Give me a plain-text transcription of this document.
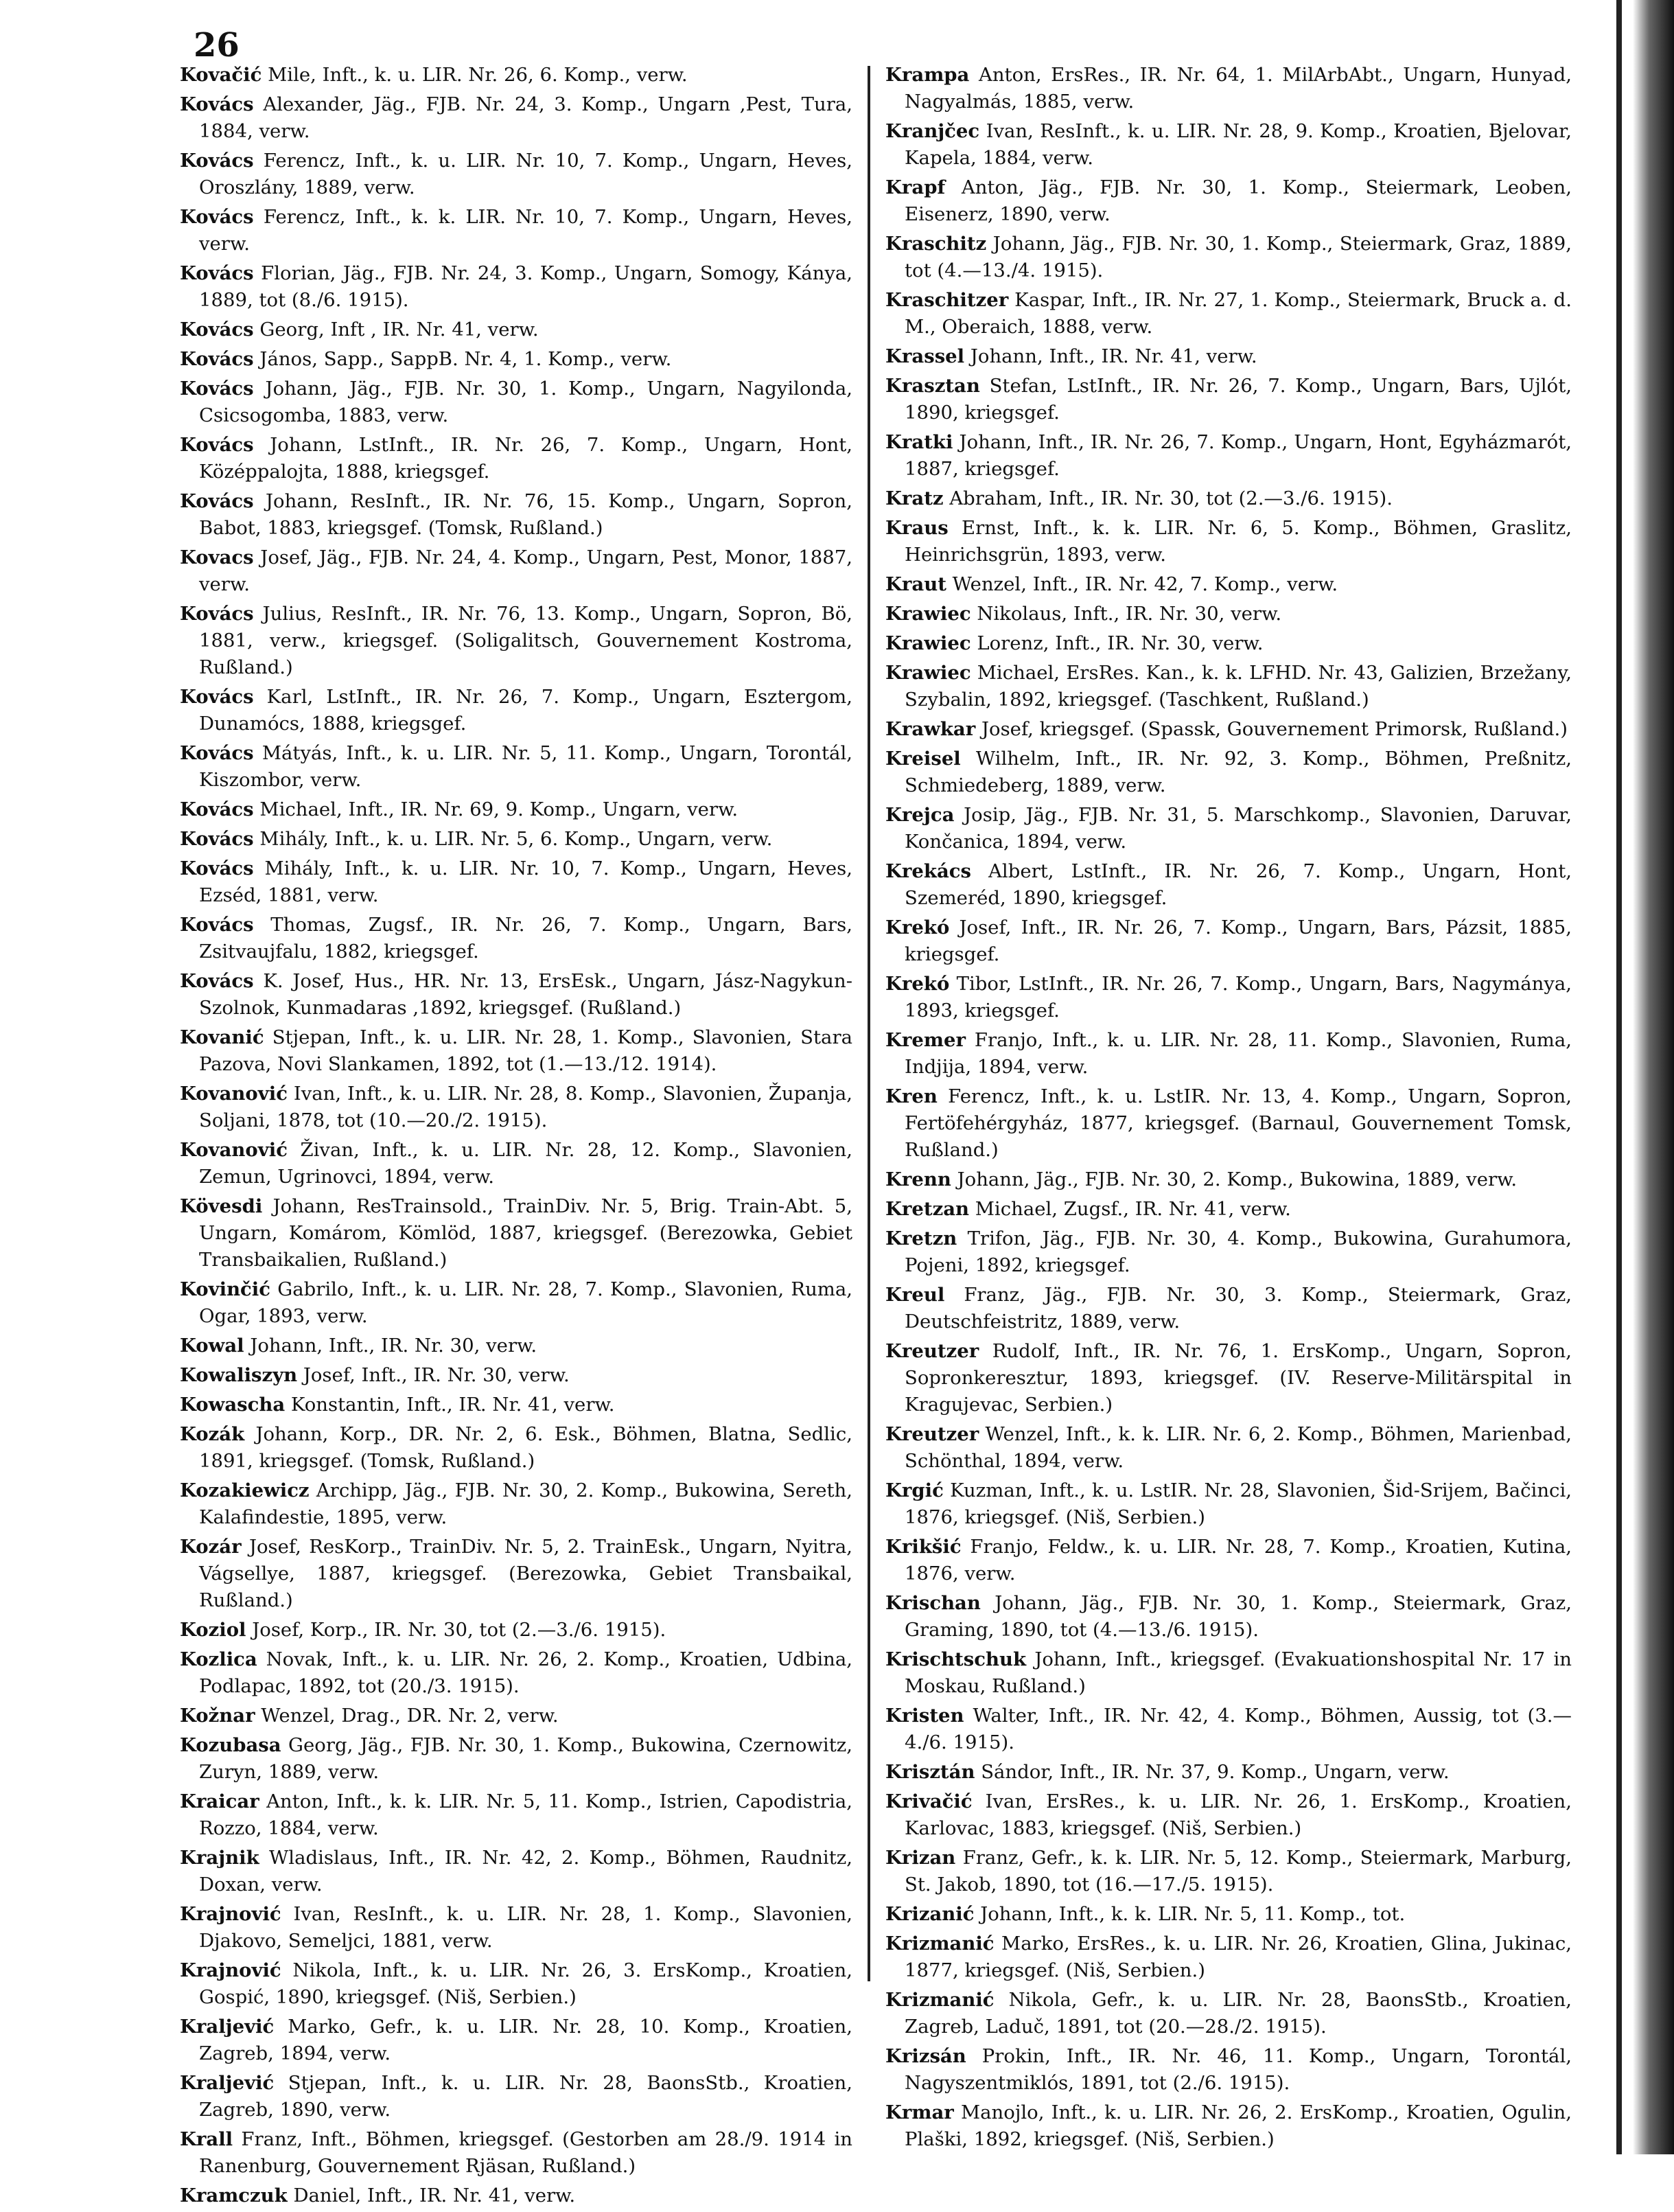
26
Kovačić Mile, Inft., k. u. LIR. Nr. 26, 6. Komp., verw.
Kovács Alexander, Jäg., FJB. Nr. 24, 3. Komp., Ungarn ,Pest, Tura, 1884, verw.
Kovács Ferencz, Inft., k. u. LIR. Nr. 10, 7. Komp., Ungarn, Heves, Oroszlány, 1889, verw.
Kovács Ferencz, Inft., k. k. LIR. Nr. 10, 7. Komp., Ungarn, Heves, verw.
Kovács Florian, Jäg., FJB. Nr. 24, 3. Komp., Ungarn, Somogy, Kánya, 1889, tot (8./6. 1915).
Kovács Georg, Inft , IR. Nr. 41, verw.
Kovács János, Sapp., SappB. Nr. 4, 1. Komp., verw.
Kovács Johann, Jäg., FJB. Nr. 30, 1. Komp., Ungarn, Nagyilonda, Csicsogomba, 1883, verw.
Kovács Johann, LstInft., IR. Nr. 26, 7. Komp., Ungarn, Hont, Középpalojta, 1888, kriegsgef.
Kovács Johann, ResInft., IR. Nr. 76, 15. Komp., Ungarn, Sopron, Babot, 1883, kriegsgef. (Tomsk, Rußland.)
Kovacs Josef, Jäg., FJB. Nr. 24, 4. Komp., Ungarn, Pest, Monor, 1887, verw.
Kovács Julius, ResInft., IR. Nr. 76, 13. Komp., Ungarn, Sopron, Bö, 1881, verw., kriegsgef. (Soligalitsch, Gouvernement Kostroma, Rußland.)
Kovács Karl, LstInft., IR. Nr. 26, 7. Komp., Ungarn, Esztergom, Dunamócs, 1888, kriegsgef.
Kovács Mátyás, Inft., k. u. LIR. Nr. 5, 11. Komp., Ungarn, Torontál, Kiszombor, verw.
Kovács Michael, Inft., IR. Nr. 69, 9. Komp., Ungarn, verw.
Kovács Mihály, Inft., k. u. LIR. Nr. 5, 6. Komp., Ungarn, verw.
Kovács Mihály, Inft., k. u. LIR. Nr. 10, 7. Komp., Ungarn, Heves, Ezséd, 1881, verw.
Kovács Thomas, Zugsf., IR. Nr. 26, 7. Komp., Ungarn, Bars, Zsitvaujfalu, 1882, kriegsgef.
Kovács K. Josef, Hus., HR. Nr. 13, ErsEsk., Ungarn, Jász-Nagykun-Szolnok, Kunmadaras ,1892, kriegsgef. (Rußland.)
Kovanić Stjepan, Inft., k. u. LIR. Nr. 28, 1. Komp., Slavonien, Stara Pazova, Novi Slankamen, 1892, tot (1.—13./12. 1914).
Kovanović Ivan, Inft., k. u. LIR. Nr. 28, 8. Komp., Slavonien, Županja, Soljani, 1878, tot (10.—20./2. 1915).
Kovanović Živan, Inft., k. u. LIR. Nr. 28, 12. Komp., Slavonien, Zemun, Ugrinovci, 1894, verw.
Kövesdi Johann, ResTrainsold., TrainDiv. Nr. 5, Brig. Train-Abt. 5, Ungarn, Komárom, Kömlöd, 1887, kriegsgef. (Berezowka, Gebiet Transbaikalien, Rußland.)
Kovinčić Gabrilo, Inft., k. u. LIR. Nr. 28, 7. Komp., Slavonien, Ruma, Ogar, 1893, verw.
Kowal Johann, Inft., IR. Nr. 30, verw.
Kowaliszyn Josef, Inft., IR. Nr. 30, verw.
Kowascha Konstantin, Inft., IR. Nr. 41, verw.
Kozák Johann, Korp., DR. Nr. 2, 6. Esk., Böhmen, Blatna, Sedlic, 1891, kriegsgef. (Tomsk, Rußland.)
Kozakiewicz Archipp, Jäg., FJB. Nr. 30, 2. Komp., Bukowina, Sereth, Kalafindestie, 1895, verw.
Kozár Josef, ResKorp., TrainDiv. Nr. 5, 2. TrainEsk., Ungarn, Nyitra, Vágsellye, 1887, kriegsgef. (Berezowka, Gebiet Transbaikal, Rußland.)
Koziol Josef, Korp., IR. Nr. 30, tot (2.—3./6. 1915).
Kozlica Novak, Inft., k. u. LIR. Nr. 26, 2. Komp., Kroatien, Udbina, Podlapac, 1892, tot (20./3. 1915).
Kožnar Wenzel, Drag., DR. Nr. 2, verw.
Kozubasa Georg, Jäg., FJB. Nr. 30, 1. Komp., Bukowina, Czernowitz, Zuryn, 1889, verw.
Kraicar Anton, Inft., k. k. LIR. Nr. 5, 11. Komp., Istrien, Capodistria, Rozzo, 1884, verw.
Krajnik Wladislaus, Inft., IR. Nr. 42, 2. Komp., Böhmen, Raudnitz, Doxan, verw.
Krajnović Ivan, ResInft., k. u. LIR. Nr. 28, 1. Komp., Slavonien, Djakovo, Semeljci, 1881, verw.
Krajnović Nikola, Inft., k. u. LIR. Nr. 26, 3. ErsKomp., Kroatien, Gospić, 1890, kriegsgef. (Niš, Serbien.)
Kraljević Marko, Gefr., k. u. LIR. Nr. 28, 10. Komp., Kroatien, Zagreb, 1894, verw.
Kraljević Stjepan, Inft., k. u. LIR. Nr. 28, BaonsStb., Kroatien, Zagreb, 1890, verw.
Krall Franz, Inft., Böhmen, kriegsgef. (Gestorben am 28./9. 1914 in Ranenburg, Gouvernement Rjäsan, Rußland.)
Kramczuk Daniel, Inft., IR. Nr. 41, verw.
Krampa Anton, ErsRes., IR. Nr. 64, 1. MilArbAbt., Ungarn, Hunyad, Nagyalmás, 1885, verw.
Kranjčec Ivan, ResInft., k. u. LIR. Nr. 28, 9. Komp., Kroatien, Bjelovar, Kapela, 1884, verw.
Krapf Anton, Jäg., FJB. Nr. 30, 1. Komp., Steiermark, Leoben, Eisenerz, 1890, verw.
Kraschitz Johann, Jäg., FJB. Nr. 30, 1. Komp., Steiermark, Graz, 1889, tot (4.—13./4. 1915).
Kraschitzer Kaspar, Inft., IR. Nr. 27, 1. Komp., Steiermark, Bruck a. d. M., Oberaich, 1888, verw.
Krassel Johann, Inft., IR. Nr. 41, verw.
Krasztan Stefan, LstInft., IR. Nr. 26, 7. Komp., Ungarn, Bars, Ujlót, 1890, kriegsgef.
Kratki Johann, Inft., IR. Nr. 26, 7. Komp., Ungarn, Hont, Egyházmarót, 1887, kriegsgef.
Kratz Abraham, Inft., IR. Nr. 30, tot (2.—3./6. 1915).
Kraus Ernst, Inft., k. k. LIR. Nr. 6, 5. Komp., Böhmen, Graslitz, Heinrichsgrün, 1893, verw.
Kraut Wenzel, Inft., IR. Nr. 42, 7. Komp., verw.
Krawiec Nikolaus, Inft., IR. Nr. 30, verw.
Krawiec Lorenz, Inft., IR. Nr. 30, verw.
Krawiec Michael, ErsRes. Kan., k. k. LFHD. Nr. 43, Galizien, Brzežany, Szybalin, 1892, kriegsgef. (Taschkent, Rußland.)
Krawkar Josef, kriegsgef. (Spassk, Gouvernement Primorsk, Rußland.)
Kreisel Wilhelm, Inft., IR. Nr. 92, 3. Komp., Böhmen, Preßnitz, Schmiedeberg, 1889, verw.
Krejca Josip, Jäg., FJB. Nr. 31, 5. Marschkomp., Slavonien, Daruvar, Končanica, 1894, verw.
Krekács Albert, LstInft., IR. Nr. 26, 7. Komp., Ungarn, Hont, Szemeréd, 1890, kriegsgef.
Krekó Josef, Inft., IR. Nr. 26, 7. Komp., Ungarn, Bars, Pázsit, 1885, kriegsgef.
Krekó Tibor, LstInft., IR. Nr. 26, 7. Komp., Ungarn, Bars, Nagymánya, 1893, kriegsgef.
Kremer Franjo, Inft., k. u. LIR. Nr. 28, 11. Komp., Slavonien, Ruma, Indjija, 1894, verw.
Kren Ferencz, Inft., k. u. LstIR. Nr. 13, 4. Komp., Ungarn, Sopron, Fertöfehérgyház, 1877, kriegsgef. (Barnaul, Gouvernement Tomsk, Rußland.)
Krenn Johann, Jäg., FJB. Nr. 30, 2. Komp., Bukowina, 1889, verw.
Kretzan Michael, Zugsf., IR. Nr. 41, verw.
Kretzn Trifon, Jäg., FJB. Nr. 30, 4. Komp., Bukowina, Gurahumora, Pojeni, 1892, kriegsgef.
Kreul Franz, Jäg., FJB. Nr. 30, 3. Komp., Steiermark, Graz, Deutschfeistritz, 1889, verw.
Kreutzer Rudolf, Inft., IR. Nr. 76, 1. ErsKomp., Ungarn, Sopron, Sopronkeresztur, 1893, kriegsgef. (IV. Reserve-Militärspital in Kragujevac, Serbien.)
Kreutzer Wenzel, Inft., k. k. LIR. Nr. 6, 2. Komp., Böhmen, Marienbad, Schönthal, 1894, verw.
Krgić Kuzman, Inft., k. u. LstIR. Nr. 28, Slavonien, Šid-Srijem, Bačinci, 1876, kriegsgef. (Niš, Serbien.)
Krikšić Franjo, Feldw., k. u. LIR. Nr. 28, 7. Komp., Kroatien, Kutina, 1876, verw.
Krischan Johann, Jäg., FJB. Nr. 30, 1. Komp., Steiermark, Graz, Graming, 1890, tot (4.—13./6. 1915).
Krischtschuk Johann, Inft., kriegsgef. (Evakuationshospital Nr. 17 in Moskau, Rußland.)
Kristen Walter, Inft., IR. Nr. 42, 4. Komp., Böhmen, Aussig, tot (3.—4./6. 1915).
Krisztán Sándor, Inft., IR. Nr. 37, 9. Komp., Ungarn, verw.
Krivačić Ivan, ErsRes., k. u. LIR. Nr. 26, 1. ErsKomp., Kroatien, Karlovac, 1883, kriegsgef. (Niš, Serbien.)
Krizan Franz, Gefr., k. k. LIR. Nr. 5, 12. Komp., Steiermark, Marburg, St. Jakob, 1890, tot (16.—17./5. 1915).
Krizanić Johann, Inft., k. k. LIR. Nr. 5, 11. Komp., tot.
Krizmanić Marko, ErsRes., k. u. LIR. Nr. 26, Kroatien, Glina, Jukinac, 1877, kriegsgef. (Niš, Serbien.)
Krizmanić Nikola, Gefr., k. u. LIR. Nr. 28, BaonsStb., Kroatien, Zagreb, Laduč, 1891, tot (20.—28./2. 1915).
Krizsán Prokin, Inft., IR. Nr. 46, 11. Komp., Ungarn, Torontál, Nagyszentmiklós, 1891, tot (2./6. 1915).
Krmar Manojlo, Inft., k. u. LIR. Nr. 26, 2. ErsKomp., Kroatien, Ogulin, Plaški, 1892, kriegsgef. (Niš, Serbien.)
